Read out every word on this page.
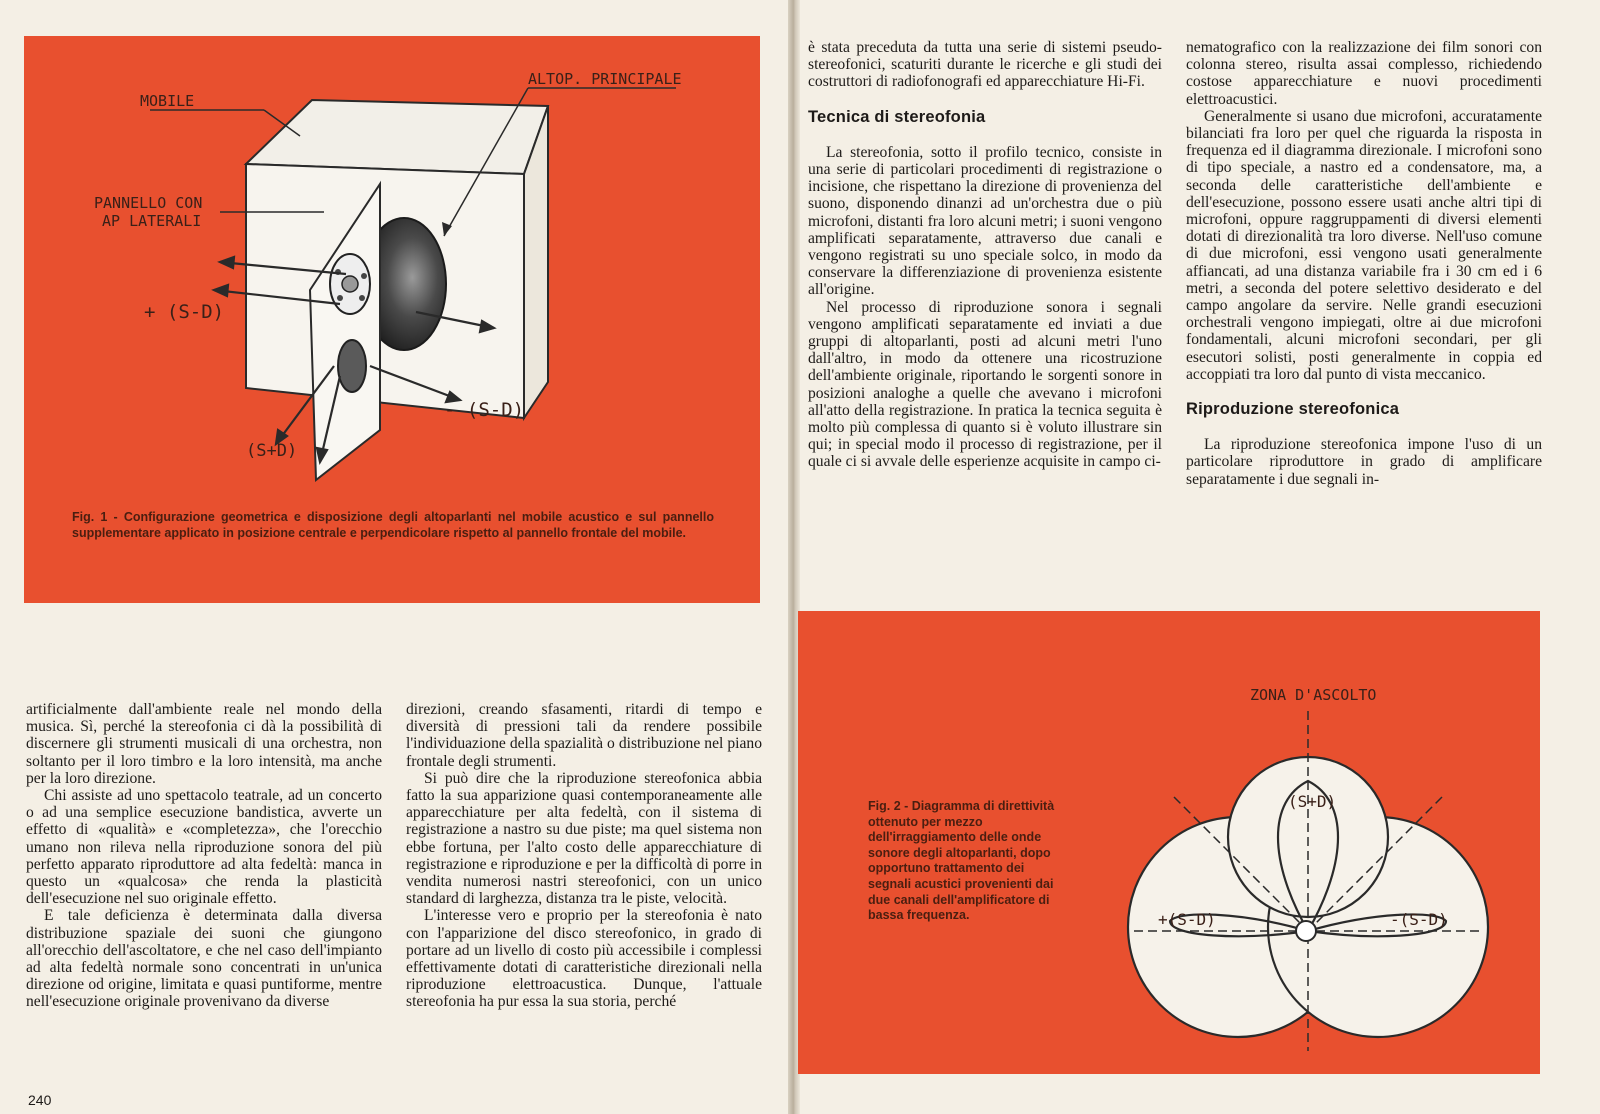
MOBILE
ALTOP. PRINCIPALE
PANNELLO CON
AP LATERALI
+ (S-D)
- (S-D)
(S+D)
Fig. 1 - Configurazione geometrica e disposizione degli altoparlanti nel mobile acustico e sul pannello supplementare applicato in posizione centrale e perpendicolare rispetto al pannello frontale del mobile.

artificialmente dall'ambiente reale nel mondo della musica. Sì, perché la stereofonia ci dà la possibilità di discernere gli strumenti musicali di una orchestra, non soltanto per il loro timbro e la loro intensità, ma anche per la loro direzione.

Chi assiste ad uno spettacolo teatrale, ad un concerto o ad una semplice esecuzione bandistica, avverte un effetto di «qualità» e «completezza», che l'orecchio umano non rileva nella riproduzione sonora del più perfetto apparato riproduttore ad alta fedeltà: manca in questo un «qualcosa» che renda la plasticità dell'esecuzione nel suo originale effetto.

E tale deficienza è determinata dalla diversa distribuzione spaziale dei suoni che giungono all'orecchio dell'ascoltatore, e che nel caso dell'impianto ad alta fedeltà normale sono concentrati in un'unica direzione od origine, limitata e quasi puntiforme, mentre nell'esecuzione originale provenivano da diverse

direzioni, creando sfasamenti, ritardi di tempo e diversità di pressioni tali da rendere possibile l'individuazione della spazialità o distribuzione nel piano frontale degli strumenti.

Si può dire che la riproduzione stereofonica abbia fatto la sua apparizione quasi contemporaneamente alle apparecchiature per alta fedeltà, con il sistema di registrazione a nastro su due piste; ma quel sistema non ebbe fortuna, per l'alto costo delle apparecchiature di registrazione e riproduzione e per la difficoltà di porre in vendita numerosi nastri stereofonici, con un unico standard di larghezza, distanza tra le piste, velocità.

L'interesse vero e proprio per la stereofonia è nato con l'apparizione del disco stereofonico, in grado di portare ad un livello di costo più accessibile i complessi effettivamente dotati di caratteristiche direzionali nella riproduzione elettroacustica. Dunque, l'attuale stereofonia ha pur essa la sua storia, perché

240

è stata preceduta da tutta una serie di sistemi pseudo-stereofonici, scaturiti durante le ricerche e gli studi dei costruttori di radiofonografi ed apparecchiature Hi-Fi.

Tecnica di stereofonia

La stereofonia, sotto il profilo tecnico, consiste in una serie di particolari procedimenti di registrazione o incisione, che rispettano la direzione di provenienza del suono, disponendo dinanzi ad un'orchestra due o più microfoni, distanti fra loro alcuni metri; i suoni vengono amplificati separatamente, attraverso due canali e vengono registrati su uno speciale solco, in modo da conservare la differenziazione di provenienza esistente all'origine.

Nel processo di riproduzione sonora i segnali vengono amplificati separatamente ed inviati a due gruppi di altoparlanti, posti ad alcuni metri l'uno dall'altro, in modo da ottenere una ricostruzione dell'ambiente originale, riportando le sorgenti sonore in posizioni analoghe a quelle che avevano i microfoni all'atto della registrazione. In pratica la tecnica seguita è molto più complessa di quanto si è voluto illustrare sin qui; in special modo il processo di registrazione, per il quale ci si avvale delle esperienze acquisite in campo ci-

nematografico con la realizzazione dei film sonori con colonna stereo, risulta assai complesso, richiedendo costose apparecchiature e nuovi procedimenti elettroacustici.

Generalmente si usano due microfoni, accuratamente bilanciati fra loro per quel che riguarda la risposta in frequenza ed il diagramma direzionale. I microfoni sono di tipo speciale, a nastro ed a condensatore, ma, a seconda delle caratteristiche dell'ambiente e dell'esecuzione, possono essere usati anche altri tipi di microfoni, oppure raggruppamenti di diversi elementi dotati di direzionalità tra loro diverse. Nell'uso comune di due microfoni, essi vengono usati generalmente affiancati, ad una distanza variabile fra i 30 cm ed i 6 metri, a seconda del potere selettivo desiderato e del campo angolare da servire. Nelle grandi esecuzioni orchestrali vengono impiegati, oltre ai due microfoni fondamentali, alcuni microfoni secondari, per gli esecutori solisti, posti generalmente in coppia ed accoppiati tra loro dal punto di vista meccanico.

Riproduzione stereofonica

La riproduzione stereofonica impone l'uso di un particolare riproduttore in grado di amplificare separatamente i due segnali in-

ZONA D'ASCOLTO
(S+D)
+(S-D)	-(S-D)
Fig. 2 - Diagramma di direttività ottenuto per mezzo dell'irraggiamento delle onde sonore degli altoparlanti, dopo opportuno trattamento dei segnali acustici provenienti dai due canali dell'amplificatore di bassa frequenza.
